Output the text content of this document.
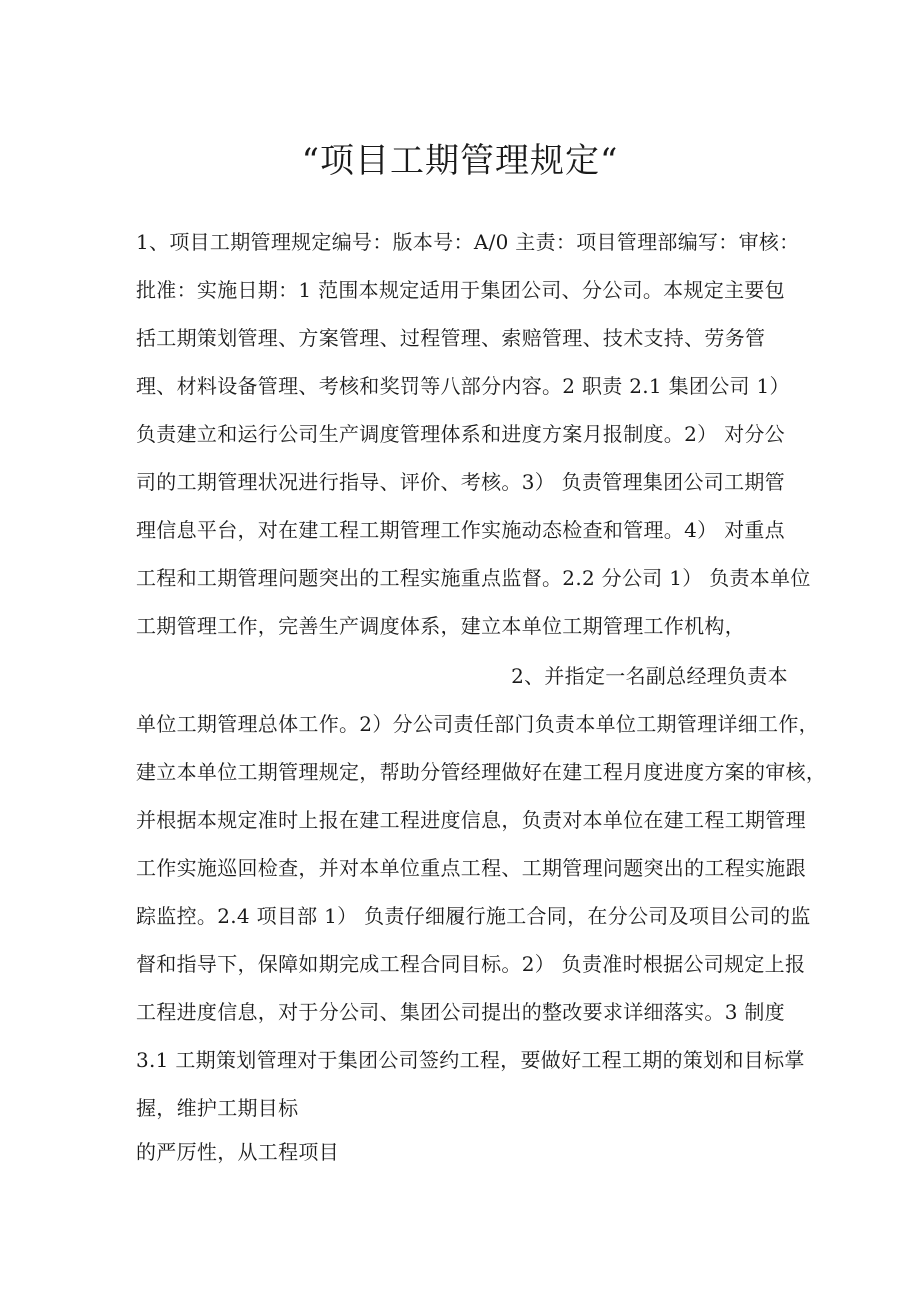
“项目工期管理规定“
1、项目工期管理规定编号：版本号：A/0 主责：项目管理部编写：审核：
批准：实施日期：1 范围本规定适用于集团公司、分公司。本规定主要包
括工期策划管理、方案管理、过程管理、索赔管理、技术支持、劳务管
理、材料设备管理、考核和奖罚等八部分内容。2 职责 2.1 集团公司 1）
负责建立和运行公司生产调度管理体系和进度方案月报制度。2） 对分公
司的工期管理状况进行指导、评价、考核。3） 负责管理集团公司工期管
理信息平台，对在建工程工期管理工作实施动态检查和管理。4） 对重点
工程和工期管理问题突出的工程实施重点监督。2.2 分公司 1） 负责本单位
工期管理工作，完善生产调度体系，建立本单位工期管理工作机构，
2、并指定一名副总经理负责本
单位工期管理总体工作。2）分公司责任部门负责本单位工期管理详细工作，
建立本单位工期管理规定，帮助分管经理做好在建工程月度进度方案的审核，
并根据本规定准时上报在建工程进度信息，负责对本单位在建工程工期管理
工作实施巡回检查，并对本单位重点工程、工期管理问题突出的工程实施跟
踪监控。2.4 项目部 1） 负责仔细履行施工合同，在分公司及项目公司的监
督和指导下，保障如期完成工程合同目标。2） 负责准时根据公司规定上报
工程进度信息，对于分公司、集团公司提出的整改要求详细落实。3 制度
3.1 工期策划管理对于集团公司签约工程，要做好工程工期的策划和目标掌
握，维护工期目标
的严厉性，从工程项目
